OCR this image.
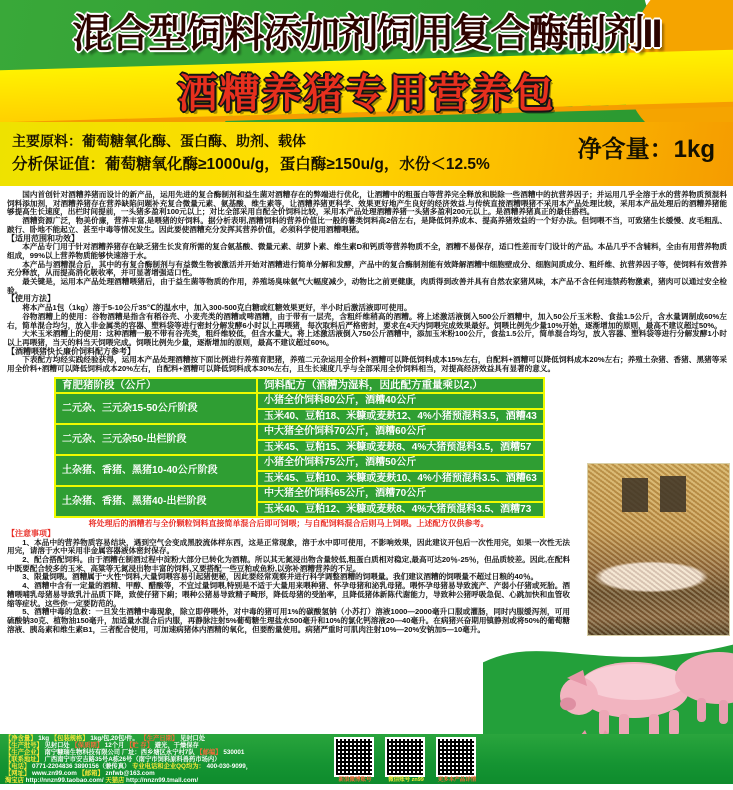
混合型饲料添加剂饲用复合酶制剂II
酒糟养猪专用营养包
主要原料：葡萄糖氧化酶、蛋白酶、助剂、载体
分析保证值：葡萄糖氧化酶≥1000u/g，蛋白酶≥150u/g，水份＜12.5%
净含量：1kg

国内首创针对酒糟养猪而设计的新产品，运用先进的复合酶制剂和益生菌对酒糟存在的弊端进行优化，让酒糟中的粗蛋白等营养完全释放和脱除一些酒糟中的抗营养因子；并运用几乎全溶于水的营养物质预混料饲料添加剂，对酒糟养猪存在营养缺陷问题补充复合微量元素、氨基酸、维生素等，让酒糟养猪更科学、效果更好地产生良好的经济效益.与传统直接酒糟喂猪不采用本产品处理比较，采用本产品处理后的酒糟养猪能够提高生长速度，出栏时间提前，一头猪多盈利100元以上；对比全部采用自配全价饲料比较，采用本产品处理酒糟养猪一头猪多盈利200元以上。是酒糟养猪真正的最佳搭档。

酒糟资源广泛，物美价廉，营养丰富,是喂猪的好饲料。据分析表明,酒糟饲料的营养价值比一般的薯类饲料高2倍左右，是降低饲养成本、提高养猪效益的一个好办法。但饲喂不当，可致猪生长缓慢、皮毛粗乱、跛行、卧地不能起立、甚至中毒等情况发生。因此要使酒糟充分发挥其营养价值，必须科学使用酒糟喂猪。

【适用范围和功效】

本产品专门用于针对酒糟养猪存在缺乏猪生长发育所需的复合氨基酸、微量元素、胡萝卜素、维生素D和钙质等营养物质不全，酒糟不易保存，适口性差而专门设计的产品。本品几乎不含辅料，全由有用营养物质组成，99%以上营养物质能够快速溶于水。

本产品与酒糟混合后，其中的有复合酶制剂与有益微生物被激活并开始对酒糟进行简单分解和发酵，产品中的复合酶制剂能有效降解酒糟中细胞壁成分、细胞间质成分、粗纤维、抗营养因子等，使饲料有效营养充分释放，从而提高消化吸收率，并可显著增强适口性。

最关键是，运用本产品处理酒糟喂猪后，由于益生菌等物质的作用，养殖场臭味氨气大幅度减少，动物比之前更健康，肉质得到改善并具有自然农家猪风味，本产品不含任何违禁药物激素，猪肉可以通过安全检验。

【使用方法】

将本产品1包（1kg）溶于5-10公斤35℃的温水中，加入300-500克白糖或红糖效果更好，半小时后激活液即可使用。

谷物酒糟上的使用：谷物酒糟是指含有稻谷壳、小麦壳类的酒糟或啤酒糟，由于带有一层壳，含粗纤维稍高的酒糟。将上述激活液倒入500公斤酒糟中，加入50公斤玉米粉、食盐1.5公斤，含水量调制成60%左右，简单混合均匀，放入非金属类的容器、塑料袋等进行密封分解发酵6小时以上再喂猪，每次取料后严格密封，要求在4天内饲喂完成效果最好。饲喂比例先少量10%开始，逐渐增加的原则，最高不建议超过50%。

大米玉米酒糟上的使用：这种酒糟一般不带有谷壳类，粗纤维较低，但含水量大。将上述激活液倒入750公斤酒糟中，添加玉米粉100公斤，食盐1.5公斤，简单混合均匀，放入容器、塑料袋等进行分解发酵1小时以上再喂猪，当天的料当天饲喂完成。饲喂比例先少量，逐渐增加的原则，最高不建议超过60%。

【酒糟喂猪快长廉价饲料配方参考】

下表配方均经实践经验获得，运用本产品处理酒糟按下面比例进行养殖育肥猪，养殖二元杂运用全价料+酒糟可以降低饲料成本15%左右，自配料+酒糟可以降低饲料成本20%左右；养殖土杂猪、香猪、黑猪等采用全价料+酒糟可以降低饲料成本20%左右，自配料+酒糟可以降低饲料成本30%左右，且生长速度几乎与全部采用全价饲料相当，对提高经济效益具有显著的意义。

育肥猪阶段（公斤）	饲料配方（酒糟为湿料，因此配方重量乘以2,）
二元杂、三元杂15-50公斤阶段	小猪全价饲料80公斤，酒糟40公斤
	玉米40、豆粕18、米糠或麦麸12、4%小猪预混料3.5，酒糟43
二元杂、三元杂50-出栏阶段	中大猪全价饲料70公斤，酒糟60公斤
	玉米45、豆粕15、米糠或麦麸8、4%大猪预混料3.5，酒糟57
土杂猪、香猪、黑猪10-40公斤阶段	小猪全价饲料75公斤，酒糟50公斤
	玉米45、豆粕10、米糠或麦麸10、4%小猪预混料3.5、酒糟63
土杂猪、香猪、黑猪40-出栏阶段	中大猪全价饲料65公斤，酒糟70公斤
	玉米40、豆粕12、米糠或麦麸8、4%大猪预混料3.5、酒糟73

将处理后的酒糟若与全价颗粒饲料直接简单混合后即可饲喂；与自配饲料混合后则马上饲喂。上述配方仅供参考。

【注意事项】

1、本品中的营养物质容易结块，遇到空气会变成黑胶流体样东西，这是正常现象，溶于水中即可使用，不影响效果，因此建议开包后一次性用完，如果一次性无法用完，请溶于水中采用非金属容器液体密封保存。

2、配合搭配饲料。由于酒糟在制酒过程中淀粉大部分已转化为酒精。所以其无氮浸出物含量较低,粗蛋白质相对稳定,最高可达20％-25％，但品质较差。因此,在配料中既要配合较多的玉米、高粱等无氮浸出物丰富的饲料,又要搭配一些豆粕或鱼粉,以弥补酒糟营养的不足。

3、限量饲喂。酒糟属于“火性”饲料,大量饲喂容易引起猪便秘，因此要经常观察并进行科学调整酒糟的饲喂量。我们建议酒糟的饲喂量不超过日粮的40％。

4、酒糟中含有一定量的酒精、甲醇、醋酸等，不宜过量饲喂,特别是不适于大量用来喂种猪、怀孕母猪和泌乳母猪。喂怀孕母猪易导致流产、产弱小仔猪或死胎。酒糟喂哺乳母猪易导致乳汁品质下降，致使仔猪下痢；喂种公猪易导致精子畸形，降低母猪的受胎率，且降低猪体新陈代谢能力，导致种公猪呼吸急促、心跳加快和血管收缩等症状。这些你一定要防范的。

5、酒糟中毒的急救：一旦发生酒糟中毒现象，除立即停喂外，对中毒的猪可用1%的碳酸氢钠（小苏打）溶液1000—2000毫升口服或灌肠，同时内服缓泻剂，可用硫酸钠30克、植物油150毫升，加适量水混合后内服，再静脉注射5%葡萄糖生理盐水500毫升和10%的氯化钙溶液20—40毫升。在病猪兴奋期用镇静剂或将50%的葡萄糖溶液、胰岛素和维生素B1，三者配合使用，可加速病猪体内酒精的氧化，但要酌量使用。病猪严重时可肌肉注射10%—20%安钠加5—10毫升。

【净含量】 1kg 【包装规格】 1kg/包,20包/件。 【生产日期】 见封口处
【生产批号】 见封口处 【保质期】 12个月 【贮 存】 避光、干燥保存
【生产企业】 南宁糠瑞生物科技有限公司 厂址：西乡塘区永宁村7队 【邮编】 530001
【联系地址】 广西南宁市安吉路35号A栋26号（南宁市饲料原料兽药市场内）
【电话】 0771-2204836 3890156（兼传真） 专业电话和企业QQ均为： 400-030-9099，
【网址】 www.zn99.com 【邮箱】 znfwb@163.com
淘宝店 http://nnzn99.taobao.com/ 天猫店 http://nnzn99.tmall.com/	新浪微博账号	微信账号 zn99	更多本产品详情
